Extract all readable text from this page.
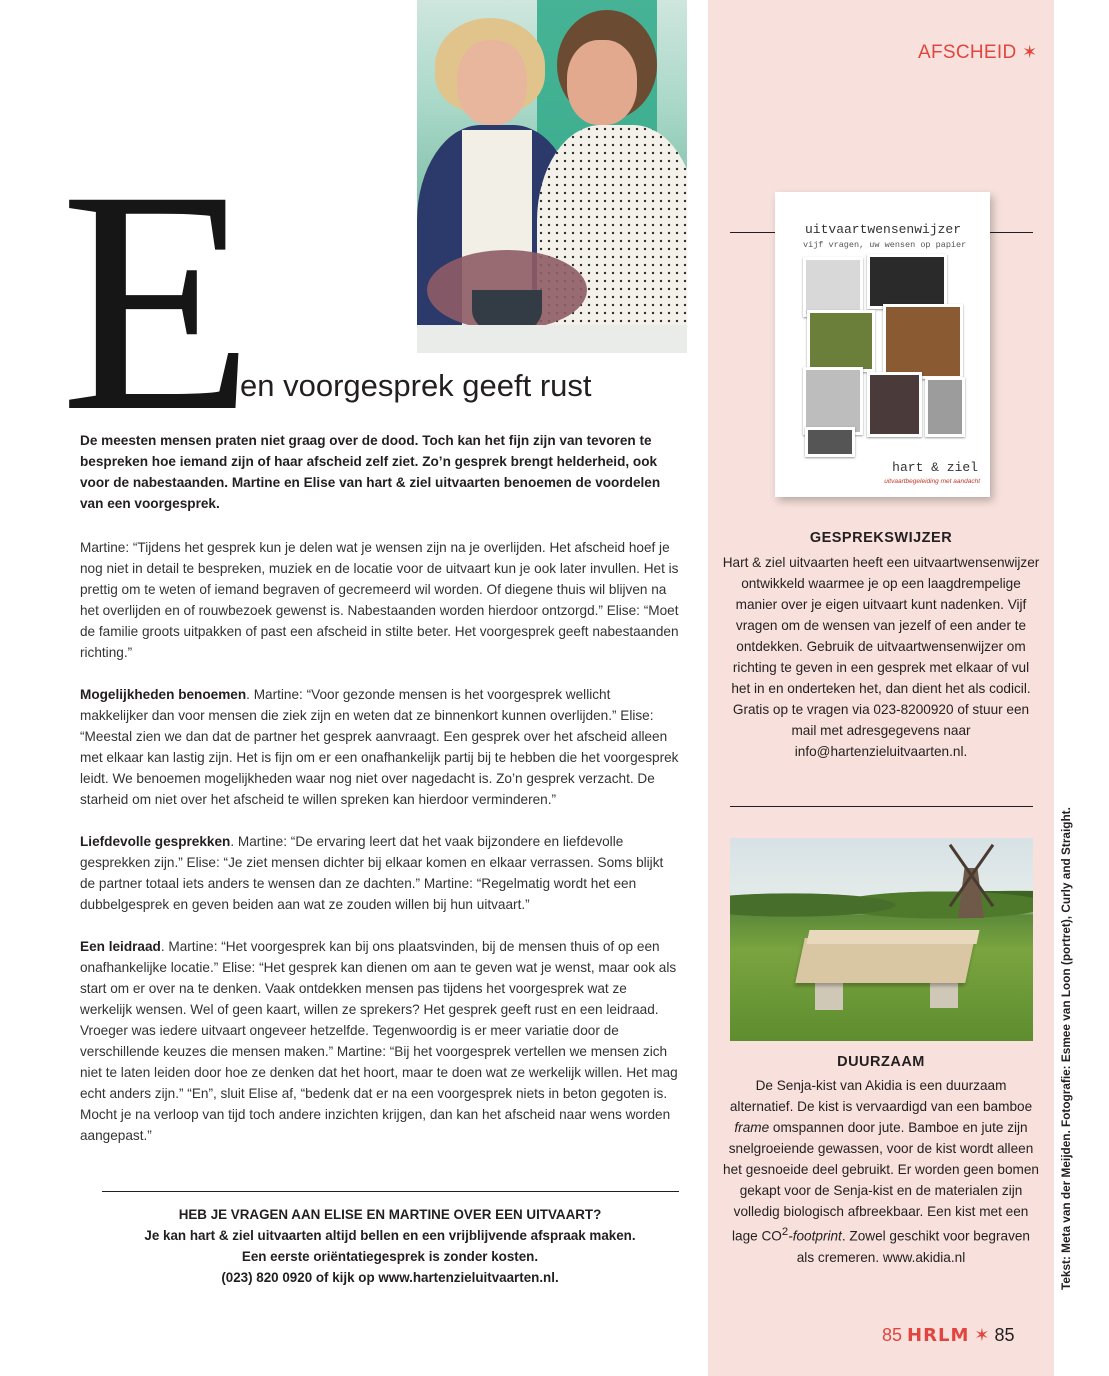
E
en voorgesprek geeft rust

De meesten mensen praten niet graag over de dood. Toch kan het fijn zijn van tevoren te bespreken hoe iemand zijn of haar afscheid zelf ziet. Zo’n gesprek brengt helderheid, ook voor de nabestaanden. Martine en Elise van hart & ziel uitvaarten benoemen de voordelen van een voorgesprek.

Martine: “Tijdens het gesprek kun je delen wat je wensen zijn na je overlijden. Het afscheid hoef je nog niet in detail te bespreken, muziek en de locatie voor de uitvaart kun je ook later invullen. Het is prettig om te weten of iemand begraven of gecremeerd wil worden. Of diegene thuis wil blijven na het overlijden en of rouwbezoek gewenst is. Nabestaanden worden hierdoor ontzorgd.” Elise: “Moet de familie groots uitpakken of past een afscheid in stilte beter. Het voorgesprek geeft nabestaanden richting.”

Mogelijkheden benoemen. Martine: “Voor gezonde mensen is het voorgesprek wellicht makkelijker dan voor mensen die ziek zijn en weten dat ze binnenkort kunnen overlijden.” Elise: “Meestal zien we dan dat de partner het gesprek aanvraagt. Een gesprek over het afscheid alleen met elkaar kan lastig zijn. Het is fijn om er een onafhankelijk partij bij te hebben die het voorgesprek leidt. We benoemen mogelijkheden waar nog niet over nagedacht is. Zo’n gesprek verzacht. De starheid om niet over het afscheid te willen spreken kan hierdoor verminderen.”

Liefdevolle gesprekken. Martine: “De ervaring leert dat het vaak bijzondere en liefdevolle gesprekken zijn.” Elise: “Je ziet mensen dichter bij elkaar komen en elkaar verrassen. Soms blijkt de partner totaal iets anders te wensen dan ze dachten.” Martine: “Regelmatig wordt het een dubbelgesprek en geven beiden aan wat ze zouden willen bij hun uitvaart.”

Een leidraad. Martine: “Het voorgesprek kan bij ons plaatsvinden, bij de mensen thuis of op een onafhankelijke locatie.” Elise: “Het gesprek kan dienen om aan te geven wat je wenst, maar ook als start om er over na te denken. Vaak ontdekken mensen pas tijdens het voorgesprek wat ze werkelijk wensen. Wel of geen kaart, willen ze sprekers? Het gesprek geeft rust en een leidraad. Vroeger was iedere uitvaart ongeveer hetzelfde. Tegenwoordig is er meer variatie door de verschillende keuzes die mensen maken.” Martine: “Bij het voorgesprek vertellen we mensen zich niet te laten leiden door hoe ze denken dat het hoort, maar te doen wat ze werkelijk willen. Het mag echt anders zijn.” “En”, sluit Elise af, “bedenk dat er na een voorgesprek niets in beton gegoten is. Mocht je na verloop van tijd toch andere inzichten krijgen, dan kan het afscheid naar wens worden aangepast.”

HEB JE VRAGEN AAN ELISE EN MARTINE OVER EEN UITVAART?
Je kan hart & ziel uitvaarten altijd bellen en een vrijblijvende afspraak maken.
Een eerste oriëntatiegesprek is zonder kosten.
(023) 820 0920 of kijk op www.hartenzieluitvaarten.nl.
AFSCHEID ✶
uitvaartwensenwijzer
vijf vragen, uw wensen op papier
hart & ziel
uitvaartbegeleiding met aandacht
GESPREKSWIJZER

Hart & ziel uitvaarten heeft een uitvaartwensenwijzer ontwikkeld waarmee je op een laagdrempelige manier over je eigen uitvaart kunt nadenken. Vijf vragen om de wensen van jezelf of een ander te ontdekken. Gebruik de uitvaartwensenwijzer om richting te geven in een gesprek met elkaar of vul het in en onderteken het, dan dient het als codicil. Gratis op te vragen via 023-8200920 of stuur een mail met adresgegevens naar info@hartenzieluitvaarten.nl.

DUURZAAM

De Senja-kist van Akidia is een duurzaam alternatief. De kist is vervaardigd van een bamboe frame omspannen door jute. Bamboe en jute zijn snelgroeiende gewassen, voor de kist wordt alleen het gesnoeide deel gebruikt. Er worden geen bomen gekapt voor de Senja-kist en de materialen zijn volledig biologisch afbreekbaar. Een kist met een lage $CO^2$-footprint. Zowel geschikt voor begraven als cremeren. www.akidia.nl	Tekst: Meta van der Meijden. Fotografie: Esmee van Loon (portret), Curly and Straight.
85 HRLM ✶ 85
